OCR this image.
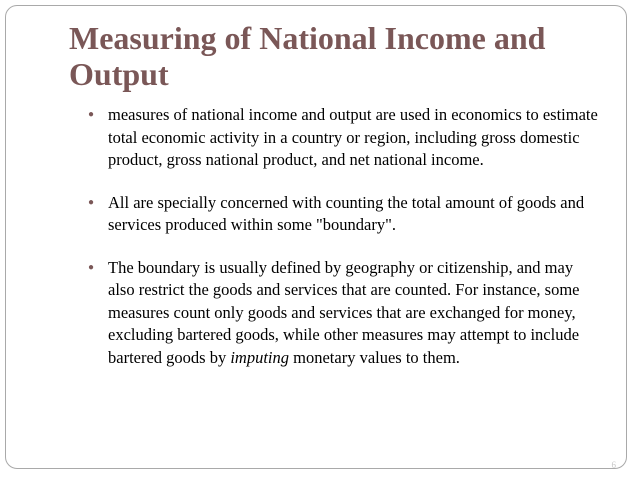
Measuring of National Income and Output
● measures of national income and output are used in economics to estimate total economic activity in a country or region, including gross domestic product, gross national product, and net national income.
● All are specially concerned with counting the total amount of goods and services produced within some "boundary".
● The boundary is usually defined by geography or citizenship, and may also restrict the goods and services that are counted. For instance, some measures count only goods and services that are exchanged for money, excluding bartered goods, while other measures may attempt to include bartered goods by imputing monetary values to them.
6
